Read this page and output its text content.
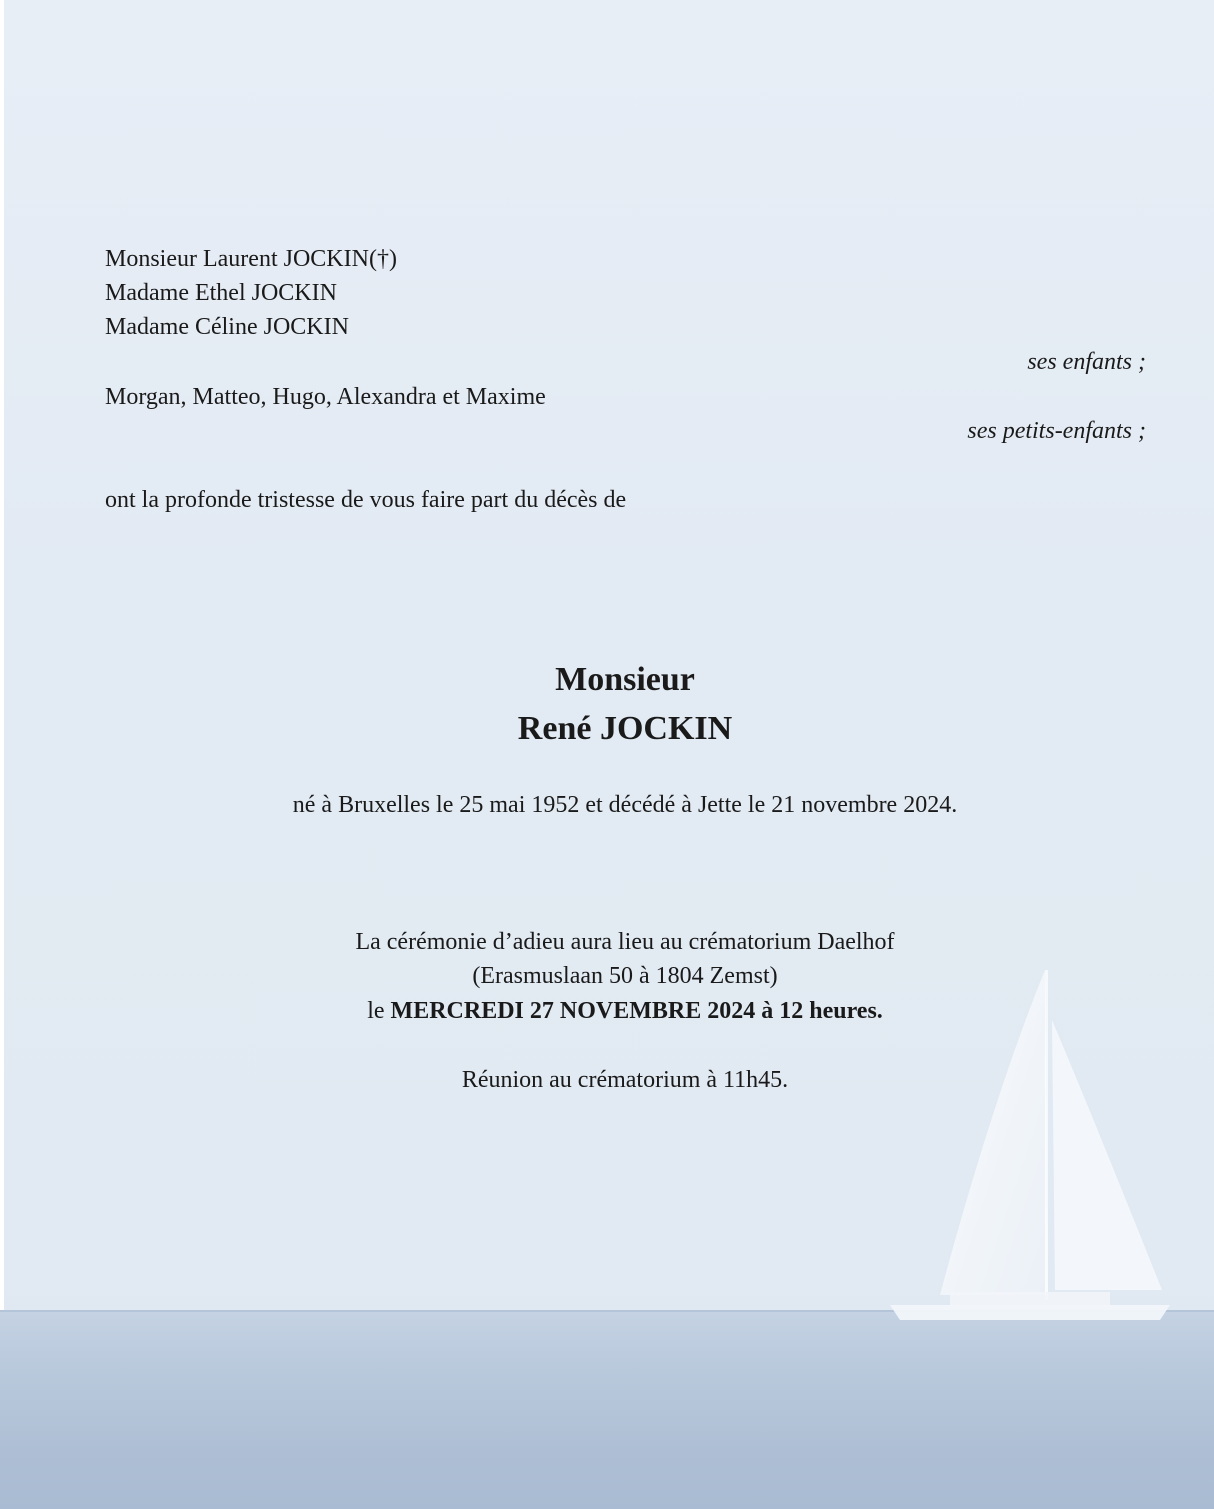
Monsieur Laurent JOCKIN(†)
Madame Ethel JOCKIN
Madame Céline JOCKIN
ses enfants ;
Morgan, Matteo, Hugo, Alexandra et Maxime
ses petits-enfants ;
ont la profonde tristesse de vous faire part du décès de
Monsieur
René JOCKIN
né à Bruxelles le 25 mai 1952 et décédé à Jette le 21 novembre 2024.
La cérémonie d’adieu aura lieu au crématorium Daelhof
(Erasmuslaan 50 à 1804 Zemst)
le MERCREDI 27 NOVEMBRE 2024 à 12 heures.
Réunion au crématorium à 11h45.
